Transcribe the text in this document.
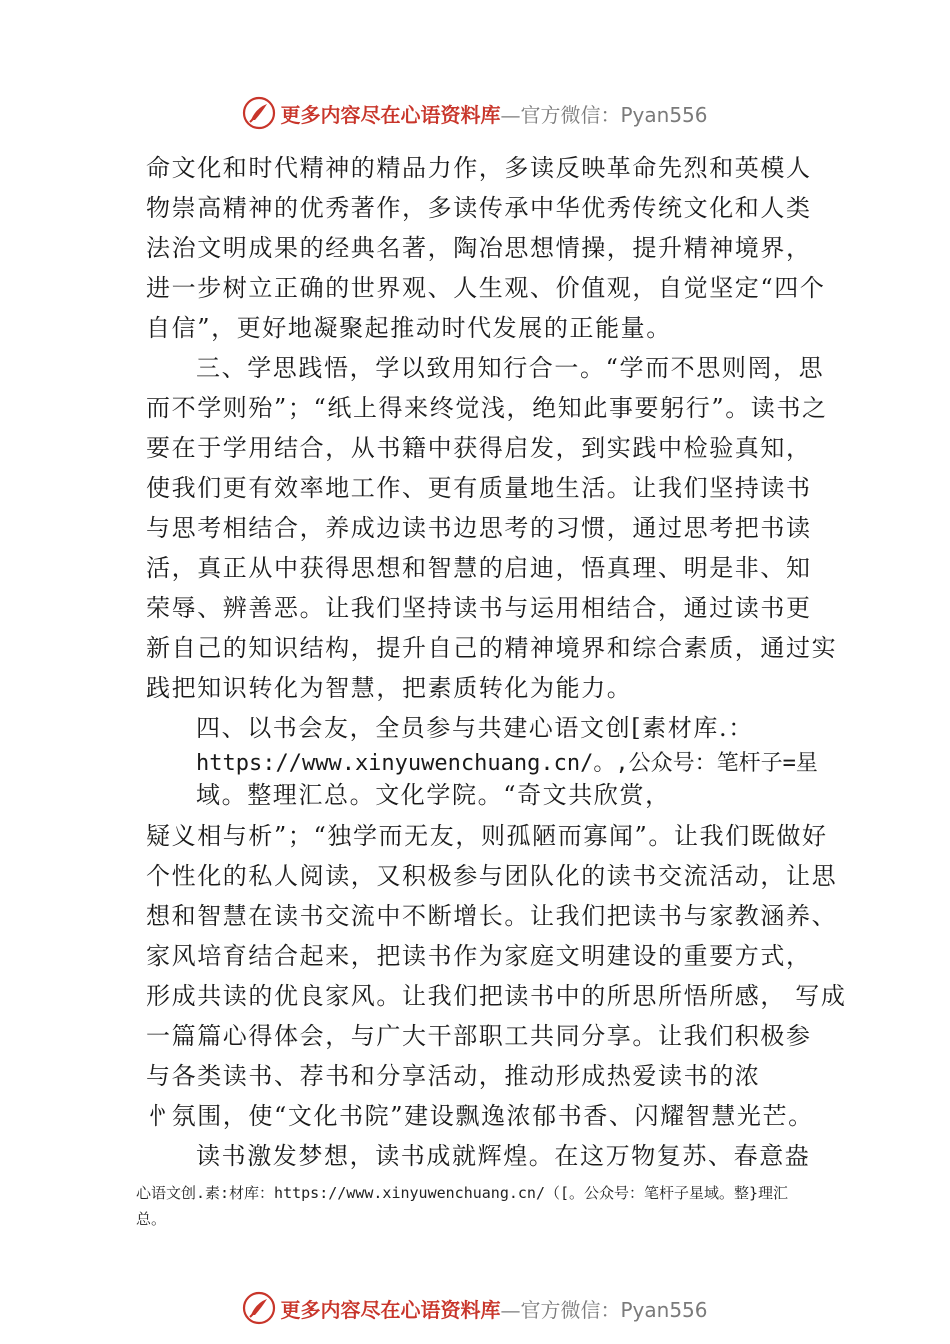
更多内容尽在心语资料库—官方微信：Pyan556
命文化和时代精神的精品力作，多读反映革命先烈和英模人
物崇高精神的优秀著作，多读传承中华优秀传统文化和人类
法治文明成果的经典名著，陶冶思想情操，提升精神境界，
进一步树立正确的世界观、人生观、价值观，自觉坚定“四个
自信”，更好地凝聚起推动时代发展的正能量。
三、学思践悟，学以致用知行合一。“学而不思则罔，思
而不学则殆”；“纸上得来终觉浅，绝知此事要躬行”。读书之
要在于学用结合，从书籍中获得启发，到实践中检验真知，
使我们更有效率地工作、更有质量地生活。让我们坚持读书
与思考相结合，养成边读书边思考的习惯，通过思考把书读
活，真正从中获得思想和智慧的启迪，悟真理、明是非、知
荣辱、辨善恶。让我们坚持读书与运用相结合，通过读书更
新自己的知识结构，提升自己的精神境界和综合素质，通过实
践把知识转化为智慧，把素质转化为能力。
四、以书会友，全员参与共建心语文创[素材库.：
https://www.xinyuwenchuang.cn/。,公众号：笔杆子=星
域。整理汇总。文化学院。“奇文共欣赏，
疑义相与析”；“独学而无友，则孤陋而寡闻”。让我们既做好
个性化的私人阅读，又积极参与团队化的读书交流活动，让思
想和智慧在读书交流中不断增长。让我们把读书与家教涵养、
家风培育结合起来，把读书作为家庭文明建设的重要方式，
形成共读的优良家风。让我们把读书中的所思所悟所感， 写成
一篇篇心得体会，与广大干部职工共同分享。让我们积极参
与各类读书、荐书和分享活动，推动形成热爱读书的浓
㣺氛围，使“文化书院”建设飘逸浓郁书香、闪耀智慧光芒。
读书激发梦想，读书成就辉煌。在这万物复苏、春意盎
心语文创.素:材库：https://www.xinyuwenchuang.cn/（[。公众号：笔杆子星域。整}理汇
总。
更多内容尽在心语资料库—官方微信：Pyan556
